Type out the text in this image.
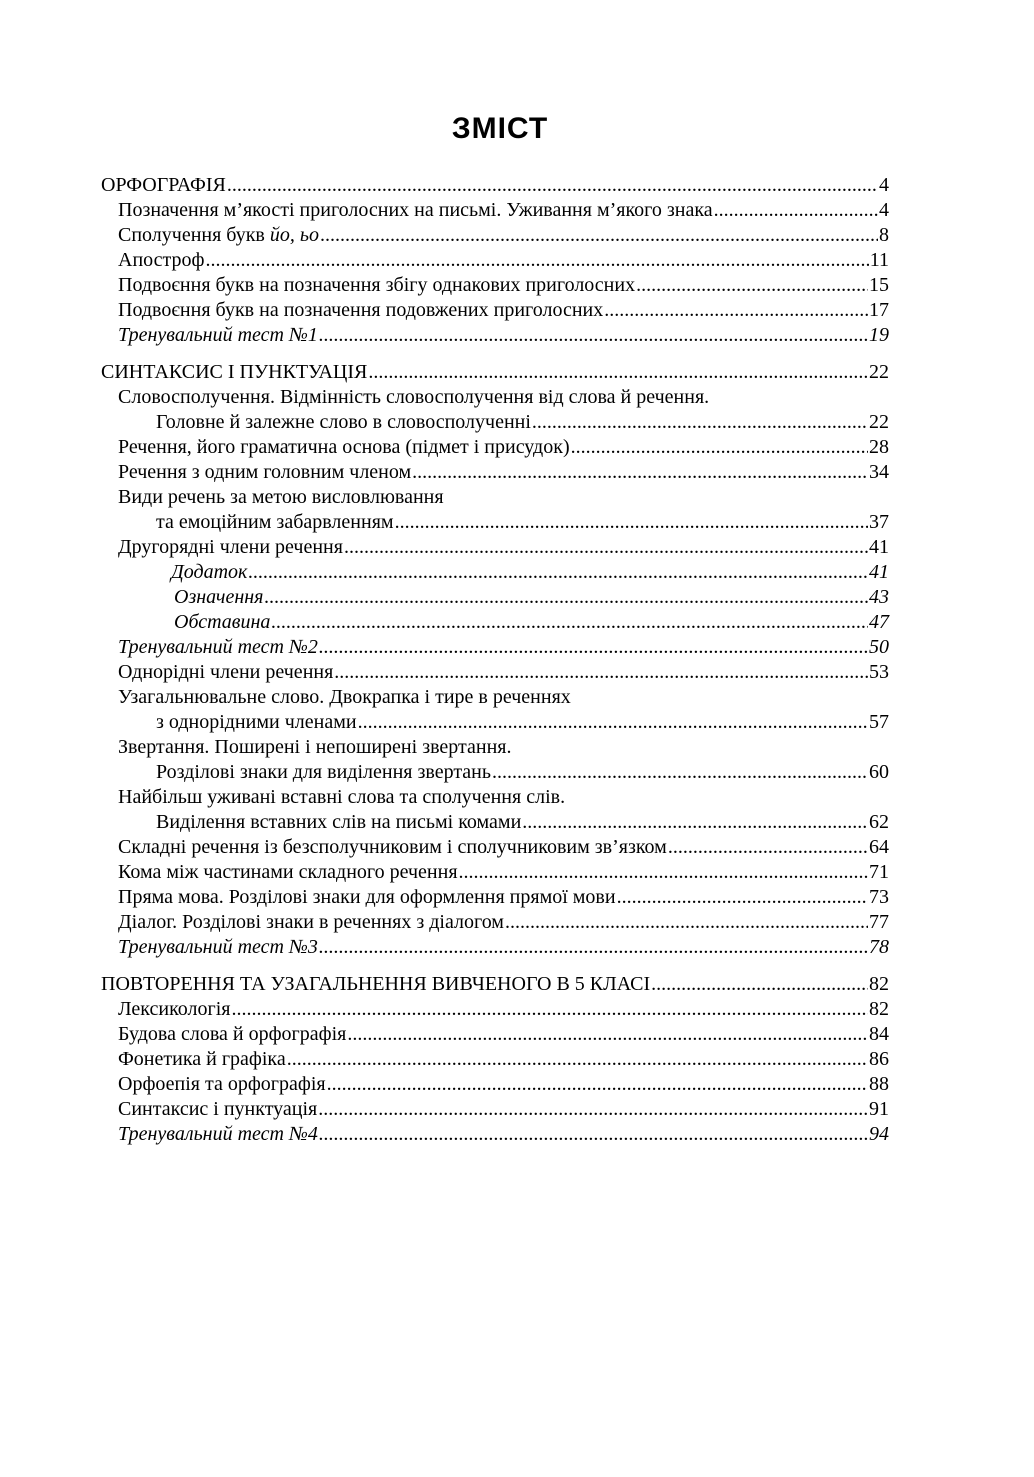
ЗМІСТ
ОРФОГРАФІЯ .....	4
Позначення м’якості приголосних на письмі. Уживання м’якого знака .....	4
Сполучення букв йо, ьо .....	8
Апостроф .....	11
Подвоєння букв на позначення збігу однакових приголосних .....	15
Подвоєння букв на позначення подовжених приголосних .....	17
Тренувальний тест №1 .....	19
СИНТАКСИС І ПУНКТУАЦІЯ .....	22
Словосполучення. Відмінність словосполучення від слова й речення.
Головне й залежне слово в словосполученні .....	22
Речення, його граматична основа (підмет і присудок) .....	28
Речення з одним головним членом .....	34
Види речень за метою висловлювання
та емоційним забарвленням .....	37
Другорядні члени речення .....	41
Додаток .....	41
Означення .....	43
Обставина .....	47
Тренувальний тест №2 .....	50
Однорідні члени речення .....	53
Узагальнювальне слово. Двокрапка і тире в реченнях
з однорідними членами .....	57
Звертання. Поширені і непоширені звертання.
Розділові знаки для виділення звертань .....	60
Найбільш уживані вставні слова та сполучення слів.
Виділення вставних слів на письмі комами .....	62
Складні речення із безсполучниковим і сполучниковим зв’язком .....	64
Кома між частинами складного речення .....	71
Пряма мова. Розділові знаки для оформлення прямої мови .....	73
Діалог. Розділові знаки в реченнях з діалогом .....	77
Тренувальний тест №3 .....	78
ПОВТОРЕННЯ ТА УЗАГАЛЬНЕННЯ ВИВЧЕНОГО В 5 КЛАСІ .....	82
Лексикологія .....	82
Будова слова й орфографія .....	84
Фонетика й графіка .....	86
Орфоепія та орфографія .....	88
Синтаксис і пунктуація .....	91
Тренувальний тест №4 .....	94
